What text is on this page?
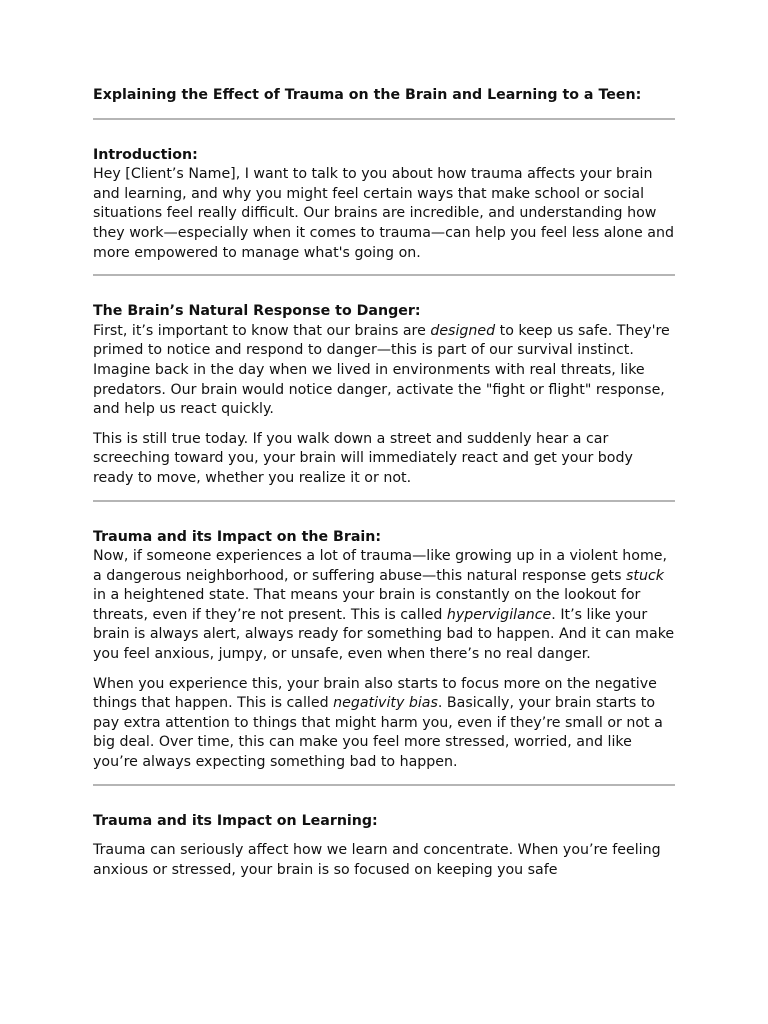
Explaining the Effect of Trauma on the Brain and Learning to a Teen:

Introduction:

Hey [Client’s Name], I want to talk to you about how trauma affects your brain and learning, and why you might feel certain ways that make school or social situations feel really difficult. Our brains are incredible, and understanding how they work—especially when it comes to trauma—can help you feel less alone and more empowered to manage what's going on.

The Brain’s Natural Response to Danger:

First, it’s important to know that our brains are designed to keep us safe. They're primed to notice and respond to danger—this is part of our survival instinct. Imagine back in the day when we lived in environments with real threats, like predators. Our brain would notice danger, activate the "fight or flight" response, and help us react quickly.

This is still true today. If you walk down a street and suddenly hear a car screeching toward you, your brain will immediately react and get your body ready to move, whether you realize it or not.

Trauma and its Impact on the Brain:

Now, if someone experiences a lot of trauma—like growing up in a violent home, a dangerous neighborhood, or suffering abuse—this natural response gets stuck in a heightened state. That means your brain is constantly on the lookout for threats, even if they’re not present. This is called hypervigilance. It’s like your brain is always alert, always ready for something bad to happen. And it can make you feel anxious, jumpy, or unsafe, even when there’s no real danger.

When you experience this, your brain also starts to focus more on the negative things that happen. This is called negativity bias. Basically, your brain starts to pay extra attention to things that might harm you, even if they’re small or not a big deal. Over time, this can make you feel more stressed, worried, and like you’re always expecting something bad to happen.

Trauma and its Impact on Learning:

Trauma can seriously affect how we learn and concentrate. When you’re feeling anxious or stressed, your brain is so focused on keeping you safe
